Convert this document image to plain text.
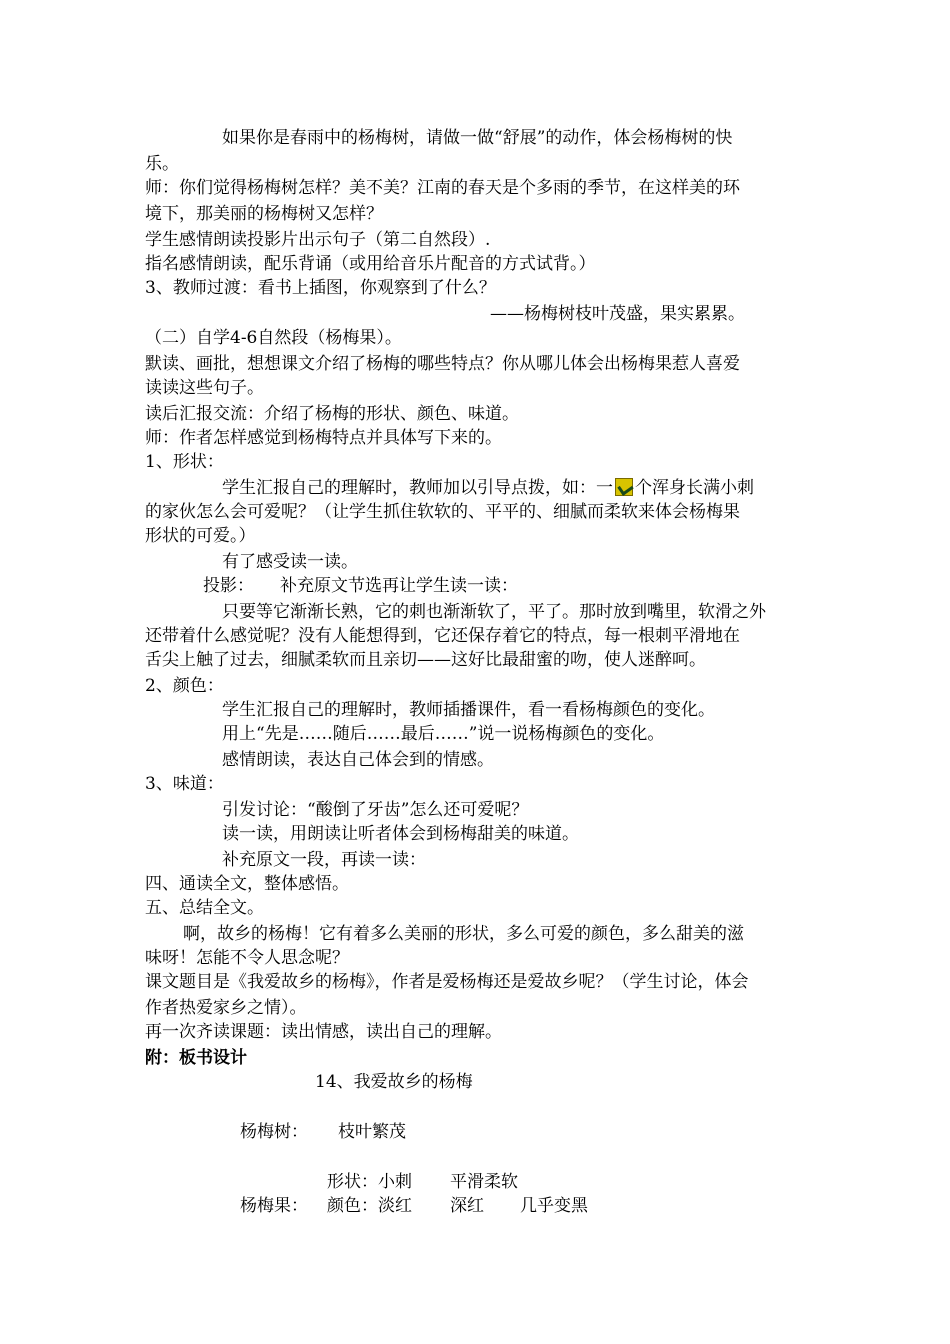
如果你是春雨中的杨梅树，请做一做“舒展”的动作，体会杨梅树的快
乐。
师：你们觉得杨梅树怎样？美不美？江南的春天是个多雨的季节，在这样美的环
境下，那美丽的杨梅树又怎样？
学生感情朗读投影片出示句子（第二自然段）.
指名感情朗读，配乐背诵（或用给音乐片配音的方式试背。）
3、教师过渡：看书上插图，你观察到了什么？
——杨梅树枝叶茂盛，果实累累。
（二）自学4-6自然段（杨梅果）。
默读、画批，想想课文介绍了杨梅的哪些特点？你从哪儿体会出杨梅果惹人喜爱
读读这些句子。
读后汇报交流：介绍了杨梅的形状、颜色、味道。
师：作者怎样感觉到杨梅特点并具体写下来的。
1、形状：
学生汇报自己的理解时，教师加以引导点拨，如：一 个浑身长满小刺
的家伙怎么会可爱呢？（让学生抓住软软的、平平的、细腻而柔软来体会杨梅果
形状的可爱。）
有了感受读一读。
投影： 补充原文节选再让学生读一读：
只要等它渐渐长熟，它的刺也渐渐软了，平了。那时放到嘴里，软滑之外
还带着什么感觉呢？没有人能想得到，它还保存着它的特点，每一根刺平滑地在
舌尖上触了过去，细腻柔软而且亲切——这好比最甜蜜的吻，使人迷醉呵。
2、颜色：
学生汇报自己的理解时，教师插播课件，看一看杨梅颜色的变化。
用上“先是……随后……最后……”说一说杨梅颜色的变化。
感情朗读，表达自己体会到的情感。
3、味道：
引发讨论：“酸倒了牙齿”怎么还可爱呢？
读一读，用朗读让听者体会到杨梅甜美的味道。
补充原文一段，再读一读：
四、通读全文，整体感悟。
五、总结全文。
啊，故乡的杨梅！它有着多么美丽的形状，多么可爱的颜色，多么甜美的滋
味呀！怎能不令人思念呢？
课文题目是《我爱故乡的杨梅》，作者是爱杨梅还是爱故乡呢？（学生讨论，体会
作者热爱家乡之情）。
再一次齐读课题：读出情感，读出自己的理解。
附：板书设计
14、我爱故乡的杨梅
杨梅树： 枝叶繁茂
形状：小刺 平滑柔软
杨梅果： 颜色：淡红 深红 几乎变黑
